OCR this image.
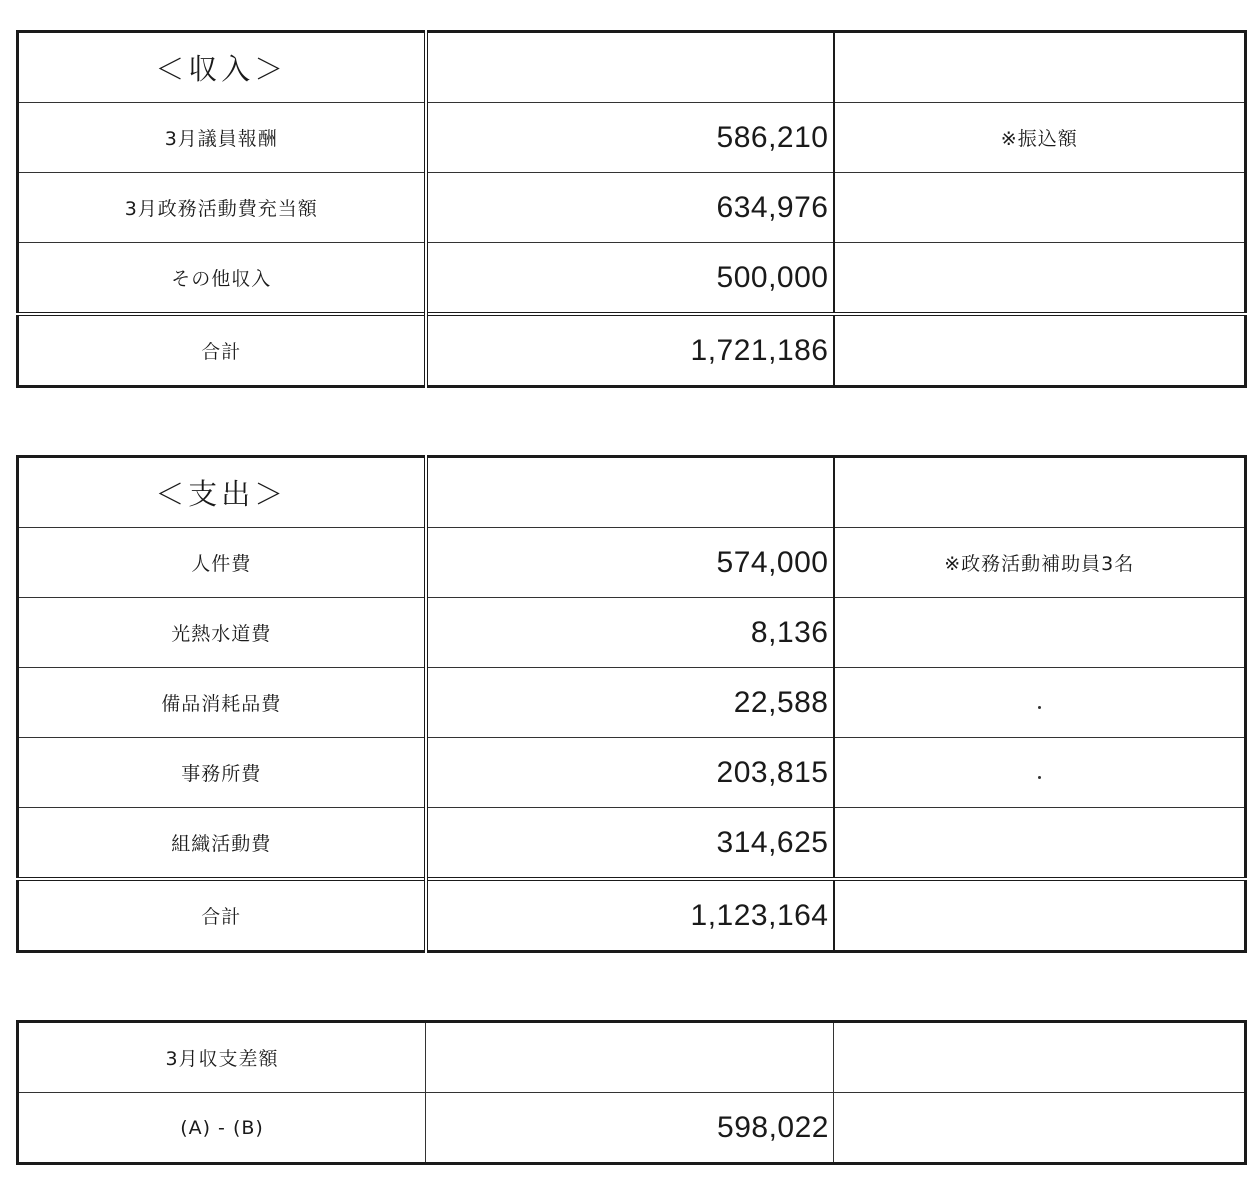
＜収入＞		
3月議員報酬	586,210	※振込額
3月政務活動費充当額	634,976	
その他収入	500,000	
合計	1,721,186	
＜支出＞		
人件費	574,000	※政務活動補助員3名
光熱水道費	8,136	
備品消耗品費	22,588	
事務所費	203,815	
組織活動費	314,625	
合計	1,123,164	
3月収支差額		
(A) - (B)	598,022	
